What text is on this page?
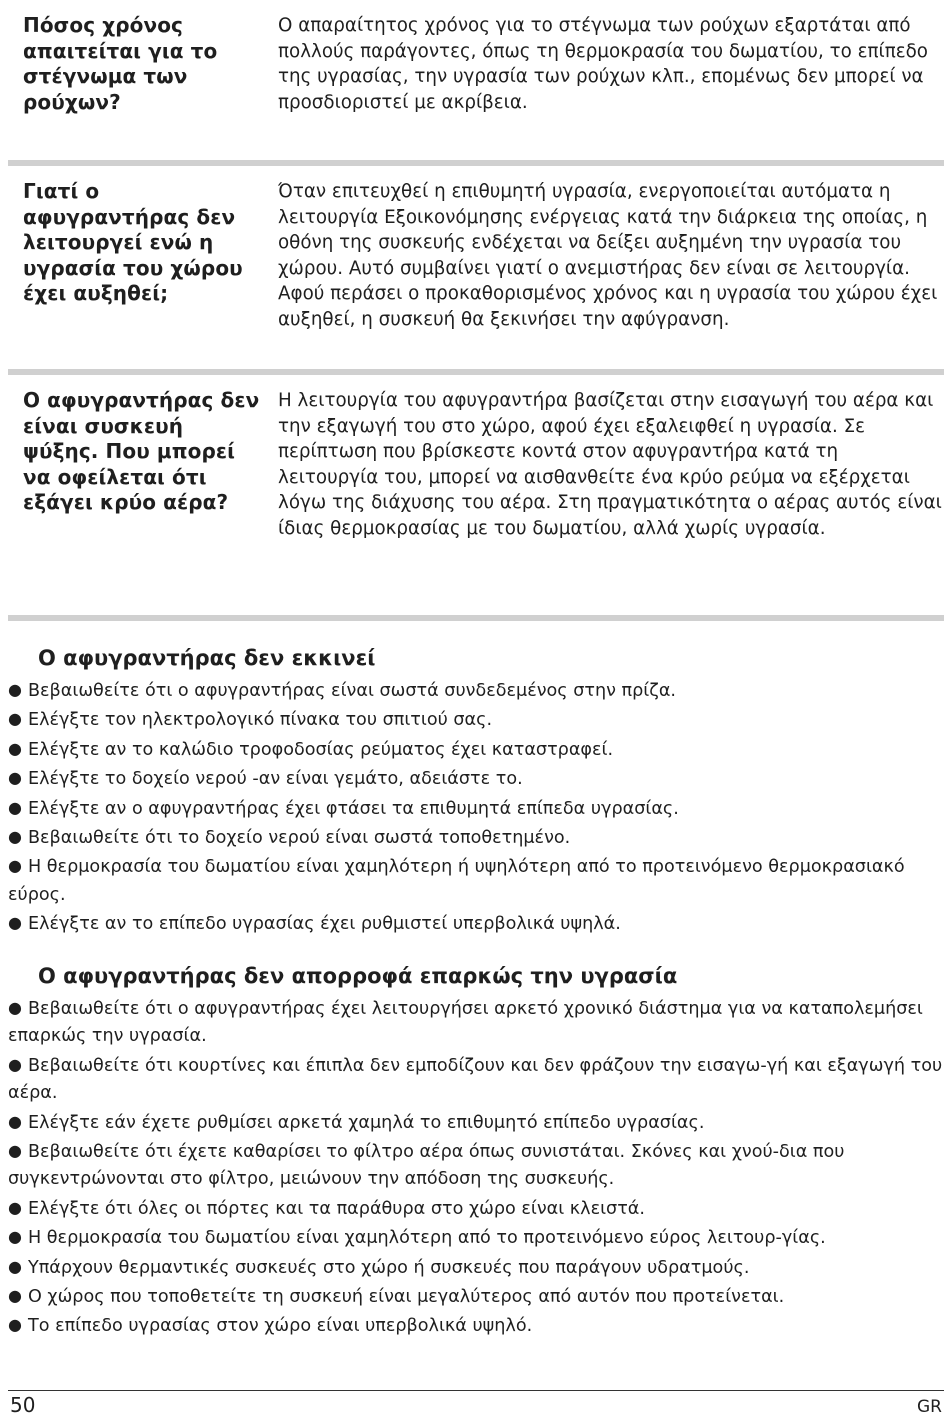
Πόσος χρόνος απαιτείται για το στέγνωμα των ρούχων?
Ο απαραίτητος χρόνος για το στέγνωμα των ρούχων εξαρτάται από πολλούς παράγοντες, όπως τη θερμοκρασία του δωματίου, το επίπεδο της υγρασίας, την υγρασία των ρούχων κλπ., επομένως δεν μπορεί να προσδιοριστεί με ακρίβεια.
Γιατί ο αφυγραντήρας δεν λειτουργεί ενώ η υγρασία του χώρου έχει αυξηθεί;
Όταν επιτευχθεί η επιθυμητή υγρασία, ενεργοποιείται αυτόματα η λειτουργία Εξοικονόμησης ενέργειας κατά την διάρκεια της οποίας, η οθόνη της συσκευής ενδέχεται να δείξει αυξημένη την υγρασία του χώρου. Αυτό συμβαίνει γιατί ο ανεμιστήρας δεν είναι σε λειτουργία. Αφού περάσει ο προκαθορισμένος χρόνος και η υγρασία του χώρου έχει αυξηθεί, η συσκευή θα ξεκινήσει την αφύγρανση.
Ο αφυγραντήρας δεν είναι συσκευή ψύξης. Που μπορεί να οφείλεται ότι εξάγει κρύο αέρα?
Η λειτουργία του αφυγραντήρα βασίζεται στην εισαγωγή του αέρα και την εξαγωγή του στο χώρο, αφού έχει εξαλειφθεί η υγρασία. Σε περίπτωση που βρίσκεστε κοντά στον αφυγραντήρα κατά τη λειτουργία του, μπορεί να αισθανθείτε ένα κρύο ρεύμα να εξέρχεται λόγω της διάχυσης του αέρα. Στη πραγματικότητα ο αέρας αυτός είναι ίδιας θερμοκρασίας με του δωματίου, αλλά χωρίς υγρασία.
Ο αφυγραντήρας δεν εκκινεί
● Βεβαιωθείτε ότι ο αφυγραντήρας είναι σωστά συνδεδεμένος στην πρίζα.
● Ελέγξτε τον ηλεκτρολογικό πίνακα του σπιτιού σας.
● Ελέγξτε αν το καλώδιο τροφοδοσίας ρεύματος έχει καταστραφεί.
● Ελέγξτε το δοχείο νερού -αν είναι γεμάτο, αδειάστε το.
● Ελέγξτε αν ο αφυγραντήρας έχει φτάσει τα επιθυμητά επίπεδα υγρασίας.
● Βεβαιωθείτε ότι το δοχείο νερού είναι σωστά τοποθετημένο.
● Η θερμοκρασία του δωματίου είναι χαμηλότερη ή υψηλότερη από το προτεινόμενο θερμοκρασιακό εύρος.
● Ελέγξτε αν το επίπεδο υγρασίας έχει ρυθμιστεί υπερβολικά υψηλά.
Ο αφυγραντήρας δεν απορροφά επαρκώς την υγρασία
● Βεβαιωθείτε ότι ο αφυγραντήρας έχει λειτουργήσει αρκετό χρονικό διάστημα για να καταπολεμήσει επαρκώς την υγρασία.
● Βεβαιωθείτε ότι κουρτίνες και έπιπλα δεν εμποδίζουν και δεν φράζουν την εισαγω-γή και εξαγωγή του αέρα.
● Ελέγξτε εάν έχετε ρυθμίσει αρκετά χαμηλά το επιθυμητό επίπεδο υγρασίας.
● Βεβαιωθείτε ότι έχετε καθαρίσει το φίλτρο αέρα όπως συνιστάται. Σκόνες και χνού-δια που συγκεντρώνονται στο φίλτρο, μειώνουν την απόδοση της συσκευής.
● Ελέγξτε ότι όλες οι πόρτες και τα παράθυρα στο χώρο είναι κλειστά.
● Η θερμοκρασία του δωματίου είναι χαμηλότερη από το προτεινόμενο εύρος λειτουρ-γίας.
● Υπάρχουν θερμαντικές συσκευές στο χώρο ή συσκευές που παράγουν υδρατμούς.
● Ο χώρος που τοποθετείτε τη συσκευή είναι μεγαλύτερος από αυτόν που προτείνεται.
● Το επίπεδο υγρασίας στον χώρο είναι υπερβολικά υψηλό.
50	GR
